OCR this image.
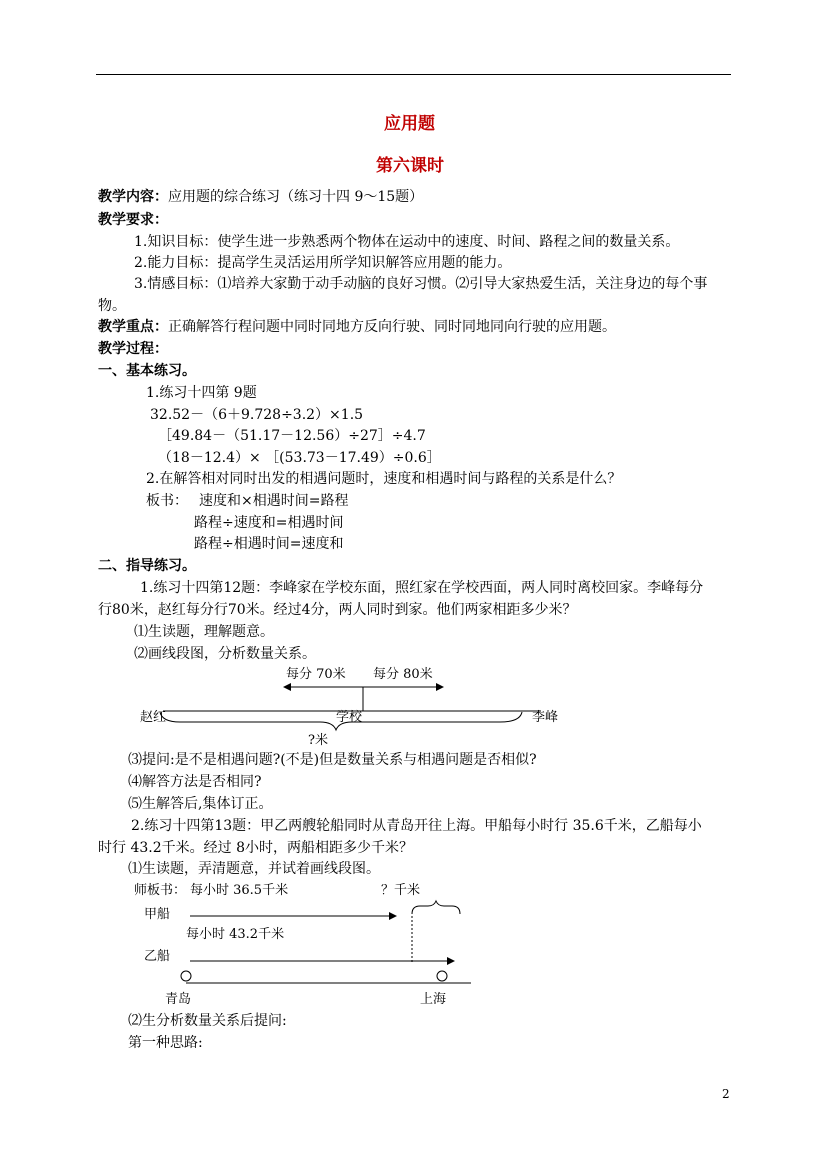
应用题
第六课时
教学内容：应用题的综合练习（练习十四 9～15题）
教学要求：
1.知识目标：使学生进一步熟悉两个物体在运动中的速度、时间、路程之间的数量关系。
2.能力目标：提高学生灵活运用所学知识解答应用题的能力。
3.情感目标：⑴培养大家勤于动手动脑的良好习惯。⑵引导大家热爱生活，关注身边的每个事
物。
教学重点：正确解答行程问题中同时同地方反向行驶、同时同地同向行驶的应用题。
教学过程：
一、基本练习。
1.练习十四第 9题
32.52－（6＋9.728÷3.2）×1.5
［49.84－（51.17－12.56）÷27］÷4.7
（18－12.4）× ［(53.73－17.49）÷0.6］
2.在解答相对同时出发的相遇问题时，速度和相遇时间与路程的关系是什么？
板书： 速度和×相遇时间=路程
路程÷速度和=相遇时间
路程÷相遇时间=速度和
二、指导练习。
1.练习十四第12题：李峰家在学校东面，照红家在学校西面，两人同时离校回家。李峰每分
行80米，赵红每分行70米。经过4分，两人同时到家。他们两家相距多少米？
⑴生读题，理解题意。
⑵画线段图，分析数量关系。
每分 70米 每分 80米
赵红	学校	李峰
?米
师板书： 每小时 36.5千米	？千米
甲船
每小时 43.2千米
乙船
青岛	上海
⑶提问:是不是相遇问题?(不是)但是数量关系与相遇问题是否相似?
⑷解答方法是否相同?
⑸生解答后,集体订正。
2.练习十四第13题：甲乙两艘轮船同时从青岛开往上海。甲船每小时行 35.6千米，乙船每小
时行 43.2千米。经过 8小时，两船相距多少千米？
⑴生读题，弄清题意，并试着画线段图。
⑵生分析数量关系后提问:
第一种思路:
2
